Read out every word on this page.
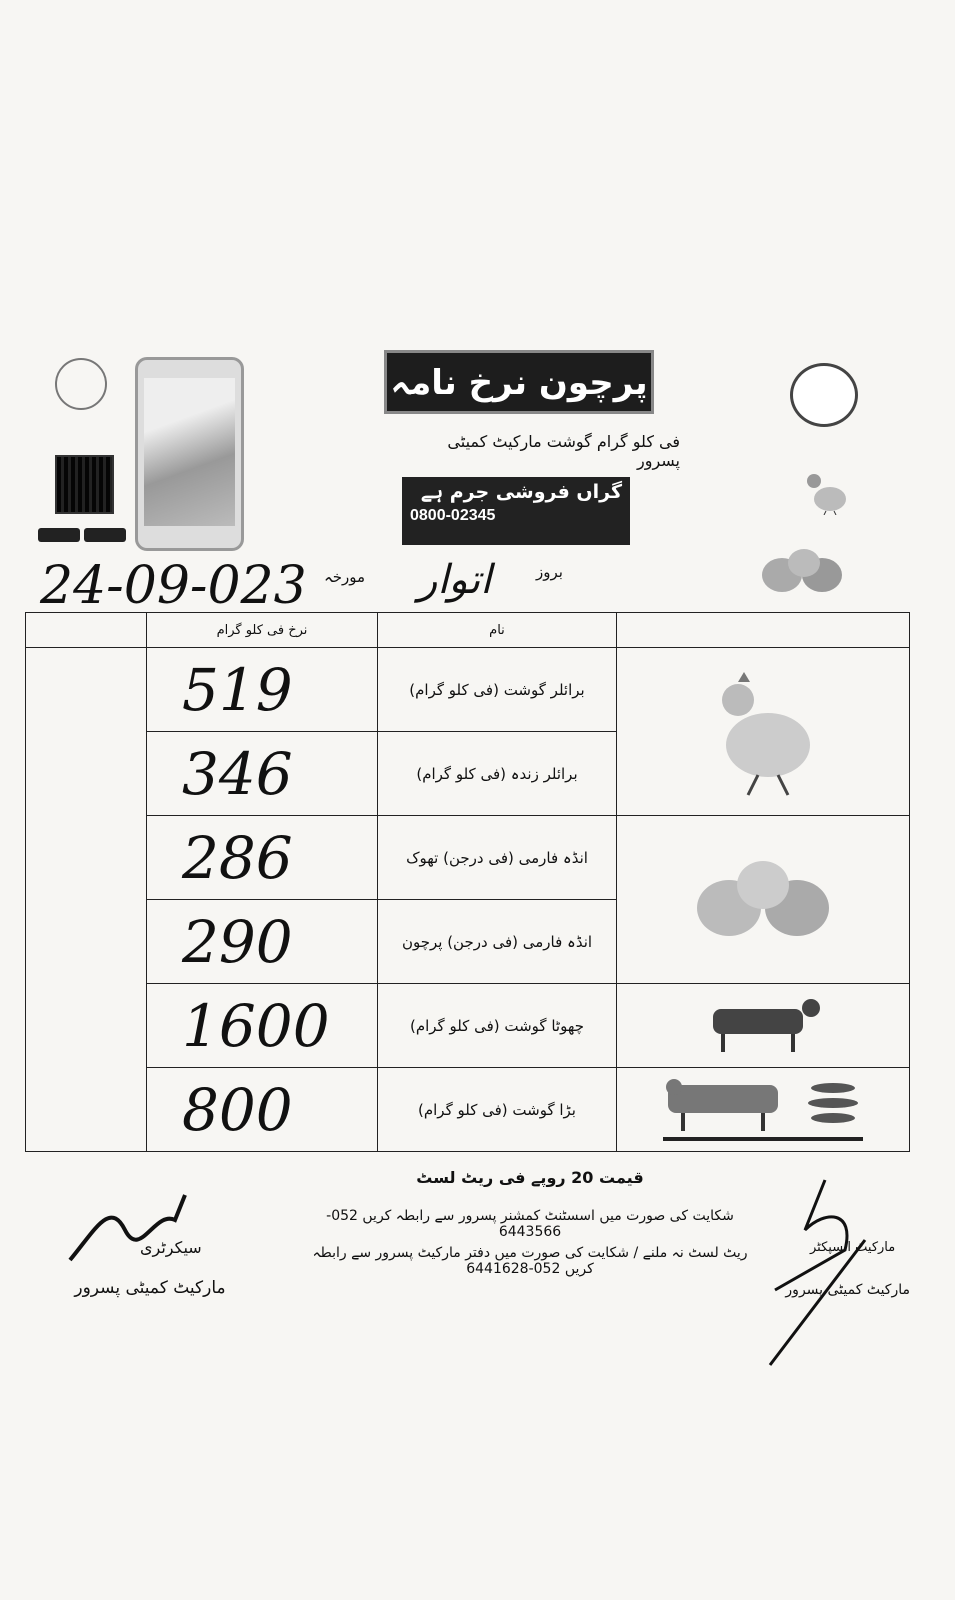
پرچون نرخ نامہ
فی کلو گرام گوشت مارکیٹ کمیٹی پسرور
گراں فروشی جرم ہے
0800-02345
24-09-023 مورخہ	بروز
اتوار
	نرخ فی کلو گرام	نام	
	519	برائلر گوشت (فی کلو گرام)	
	346	برائلر زندہ (فی کلو گرام)	
	286	انڈہ فارمی (فی درجن) تھوک	
	290	انڈہ فارمی (فی درجن) پرچون	
	1600	چھوٹا گوشت (فی کلو گرام)	
	800	بڑا گوشت (فی کلو گرام)	
قیمت 20 روپے فی ریٹ لسٹ
شکایت کی صورت میں اسسٹنٹ کمشنر پسرور سے رابطہ کریں 052-6443566
ریٹ لسٹ نہ ملنے / شکایت کی صورت میں دفتر مارکیٹ پسرور سے رابطہ کریں 052-6441628
سیکرٹری
مارکیٹ کمیٹی پسرور
مارکیٹ انسپکٹر
مارکیٹ کمیٹی پسرور
